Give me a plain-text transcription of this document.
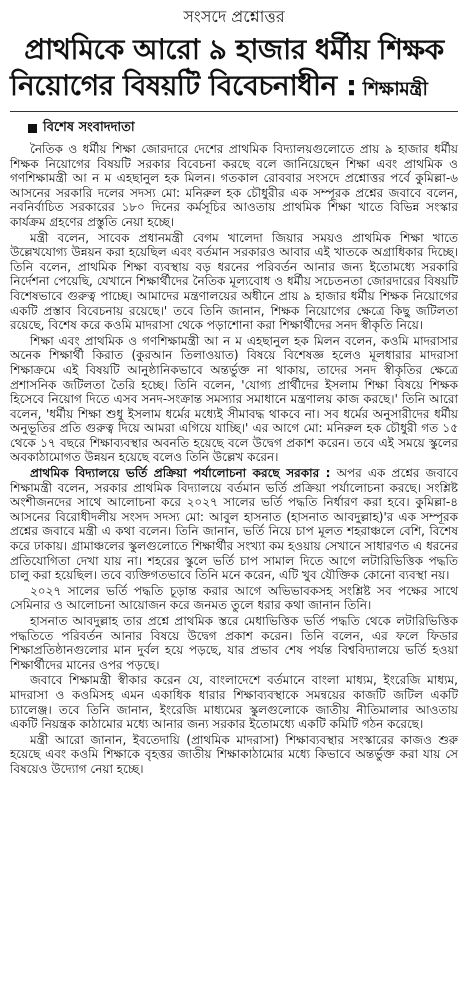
সংসদে প্রশ্নোত্তর
প্রাথমিকে আরো ৯ হাজার ধর্মীয় শিক্ষক
নিয়োগের বিষয়টি বিবেচনাধীন : শিক্ষামন্ত্রী
বিশেষ সংবাদদাতা

নৈতিক ও ধর্মীয় শিক্ষা জোরদারে দেশের প্রাথমিক বিদ্যালয়গুলোতে প্রায় ৯ হাজার ধর্মীয় শিক্ষক নিয়োগের বিষয়টি সরকার বিবেচনা করছে বলে জানিয়েছেন শিক্ষা এবং প্রাথমিক ও গণশিক্ষামন্ত্রী আ ন ম এহছানুল হক মিলন। গতকাল রোববার সংসদে প্রশ্নোত্তর পর্বে কুমিল্লা-৬ আসনের সরকারি দলের সদস্য মো: মনিরুল হক চৌধুরীর এক সম্পূরক প্রশ্নের জবাবে বলেন, নবনির্বাচিত সরকারের ১৮০ দিনের কর্মসূচির আওতায় প্রাথমিক শিক্ষা খাতে বিভিন্ন সংস্কার কার্যক্রম গ্রহণের প্রস্তুতি নেয়া হচ্ছে।

মন্ত্রী বলেন, সাবেক প্রধানমন্ত্রী বেগম খালেদা জিয়ার সময়ও প্রাথমিক শিক্ষা খাতে উল্লেখযোগ্য উন্নয়ন করা হয়েছিল এবং বর্তমান সরকারও আবার এই খাতকে অগ্রাধিকার দিচ্ছে। তিনি বলেন, প্রাথমিক শিক্ষা ব্যবস্থায় বড় ধরনের পরিবর্তন আনার জন্য ইতোমধ্যে সরকারি নির্দেশনা পেয়েছি, যেখানে শিক্ষার্থীদের নৈতিক মূল্যবোধ ও ধর্মীয় সচেতনতা জোরদারের বিষয়টি বিশেষভাবে গুরুত্ব পাচ্ছে। আমাদের মন্ত্রণালয়ের অধীনে প্রায় ৯ হাজার ধর্মীয় শিক্ষক নিয়োগের একটি প্রস্তাব বিবেচনায় রয়েছে।' তবে তিনি জানান, শিক্ষক নিয়োগের ক্ষেত্রে কিছু জটিলতা রয়েছে, বিশেষ করে কওমি মাদরাসা থেকে পড়াশোনা করা শিক্ষার্থীদের সনদ স্বীকৃতি নিয়ে।

শিক্ষা এবং প্রাথমিক ও গণশিক্ষামন্ত্রী আ ন ম এহছানুল হক মিলন বলেন, কওমি মাদরাসার অনেক শিক্ষার্থী কিরাত (কুরআন তিলাওয়াত) বিষয়ে বিশেষজ্ঞ হলেও মূলধারার মাদরাসা শিক্ষাক্রমে এই বিষয়টি আনুষ্ঠানিকভাবে অন্তর্ভুক্ত না থাকায়, তাদের সনদ স্বীকৃতির ক্ষেত্রে প্রশাসনিক জটিলতা তৈরি হচ্ছে। তিনি বলেন, 'যোগ্য প্রার্থীদের ইসলাম শিক্ষা বিষয়ে শিক্ষক হিসেবে নিয়োগ দিতে এসব সনদ-সংক্রান্ত সমস্যার সমাধানে মন্ত্রণালয় কাজ করছে।' তিনি আরো বলেন, 'ধর্মীয় শিক্ষা শুধু ইসলাম ধর্মের মধ্যেই সীমাবদ্ধ থাকবে না। সব ধর্মের অনুসারীদের ধর্মীয় অনুভূতির প্রতি গুরুত্ব দিয়ে আমরা এগিয়ে যাচ্ছি।' এর আগে মো: মনিরুল হক চৌধুরী গত ১৫ থেকে ১৭ বছরে শিক্ষাব্যবস্থার অবনতি হয়েছে বলে উদ্বেগ প্রকাশ করেন। তবে এই সময়ে স্কুলের অবকাঠামোগত উন্নয়ন হয়েছে বলেও তিনি উল্লেখ করেন।

প্রাথমিক বিদ্যালয়ে ভর্তি প্রক্রিয়া পর্যালোচনা করছে সরকার : অপর এক প্রশ্নের জবাবে শিক্ষামন্ত্রী বলেন, সরকার প্রাথমিক বিদ্যালয়ে বর্তমান ভর্তি প্রক্রিয়া পর্যালোচনা করছে। সংশ্লিষ্ট অংশীজনদের সাথে আলোচনা করে ২০২৭ সালের ভর্তি পদ্ধতি নির্ধারণ করা হবে। কুমিল্লা-৪ আসনের বিরোধীদলীয় সংসদ সদস্য মো: আবুল হাসনাত (হাসনাত আবদুল্লাহ)'র এক সম্পূরক প্রশ্নের জবাবে মন্ত্রী এ কথা বলেন। তিনি জানান, ভর্তি নিয়ে চাপ মূলত শহরাঞ্চলে বেশি, বিশেষ করে ঢাকায়। গ্রামাঞ্চলের স্কুলগুলোতে শিক্ষার্থীর সংখ্যা কম হওয়ায় সেখানে সাধারণত এ ধরনের প্রতিযোগিতা দেখা যায় না। শহরের স্কুলে ভর্তি চাপ সামাল দিতে আগে লটারিভিত্তিক পদ্ধতি চালু করা হয়েছিল। তবে ব্যক্তিগতভাবে তিনি মনে করেন, এটি খুব যৌক্তিক কোনো ব্যবস্থা নয়।

২০২৭ সালের ভর্তি পদ্ধতি চূড়ান্ত করার আগে অভিভাবকসহ সংশ্লিষ্ট সব পক্ষের সাথে সেমিনার ও আলোচনা আয়োজন করে জনমত তুলে ধরার কথা জানান তিনি।

হাসনাত আবদুল্লাহ তার প্রশ্নে প্রাথমিক স্তরে মেধাভিত্তিক ভর্তি পদ্ধতি থেকে লটারিভিত্তিক পদ্ধতিতে পরিবর্তন আনার বিষয়ে উদ্বেগ প্রকাশ করেন। তিনি বলেন, এর ফলে ফিডার শিক্ষাপ্রতিষ্ঠানগুলোর মান দুর্বল হয়ে পড়ছে, যার প্রভাব শেষ পর্যন্ত বিশ্ববিদ্যালয়ে ভর্তি হওয়া শিক্ষার্থীদের মানের ওপর পড়ছে।

জবাবে শিক্ষামন্ত্রী স্বীকার করেন যে, বাংলাদেশে বর্তমানে বাংলা মাধ্যম, ইংরেজি মাধ্যম, মাদরাসা ও কওমিসহ এমন একাধিক ধারার শিক্ষাব্যবস্থাকে সমন্বয়ের কাজটি জটিল একটি চ্যালেঞ্জ। তবে তিনি জানান, ইংরেজি মাধ্যমের স্কুলগুলোকে জাতীয় নীতিমালার আওতায় একটি নিয়ন্ত্রক কাঠামোর মধ্যে আনার জন্য সরকার ইতোমধ্যে একটি কমিটি গঠন করেছে।

মন্ত্রী আরো জানান, ইবতেদায়ি (প্রাথমিক মাদরাসা) শিক্ষাব্যবস্থার সংস্কারের কাজও শুরু হয়েছে এবং কওমি শিক্ষাকে বৃহত্তর জাতীয় শিক্ষাকাঠামোর মধ্যে কিভাবে অন্তর্ভুক্ত করা যায় সে বিষয়েও উদ্যোগ নেয়া হচ্ছে।
